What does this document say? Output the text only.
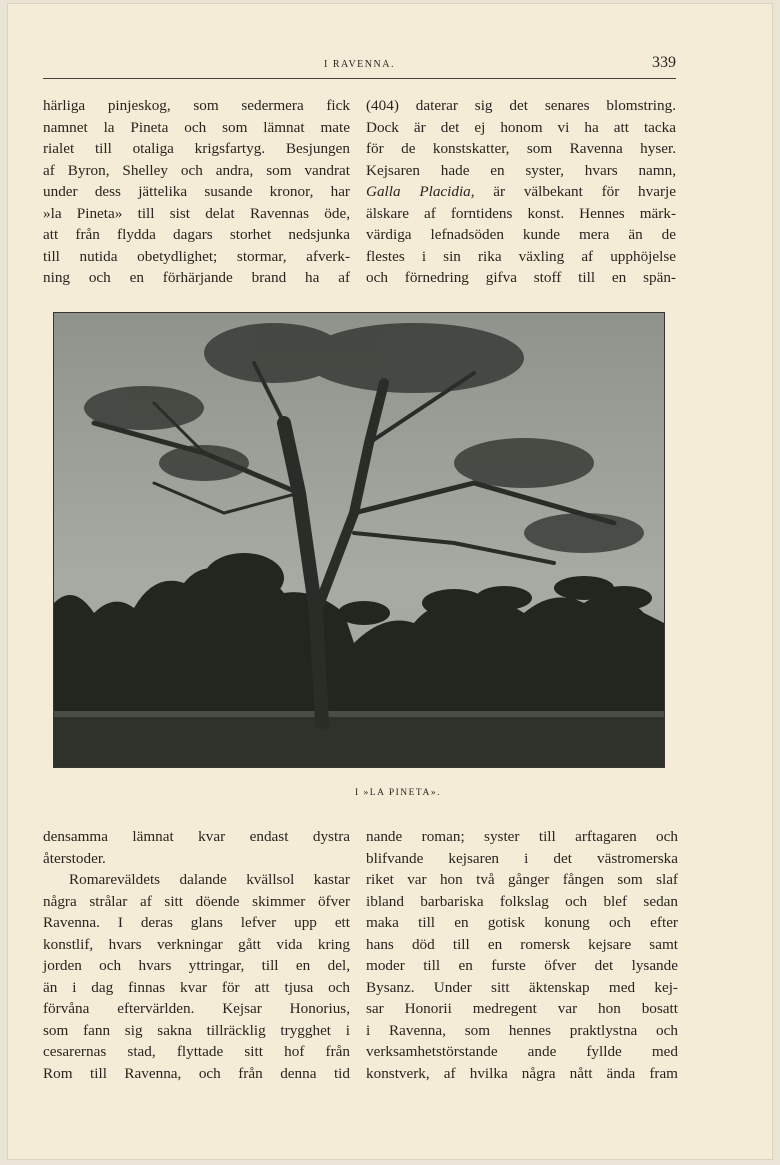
I RAVENNA.	339
härliga pinjeskog, som sedermera fick
namnet la Pineta och som lämnat mate
rialet till otaliga krigsfartyg. Besjungen
af Byron, Shelley och andra, som vandrat
under dess jättelika susande kronor, har
»la Pineta» till sist delat Ravennas öde,
att från flydda dagars storhet nedsjunka
till nutida obetydlighet; stormar, afverk-
ning och en förhärjande brand ha af
(404) daterar sig det senares blomstring.
Dock är det ej honom vi ha att tacka
för de konstskatter, som Ravenna hyser.
Kejsaren hade en syster, hvars namn,
Galla Placidia, är välbekant för hvarje
älskare af forntidens konst. Hennes märk-
värdiga lefnadsöden kunde mera än de
flestes i sin rika växling af upphöjelse
och förnedring gifva stoff till en spän-
I »LA PINETA».
densamma lämnat kvar endast dystra
återstoder.
Romareväldets dalande kvällsol kastar
några strålar af sitt döende skimmer öfver
Ravenna. I deras glans lefver upp ett
konstlif, hvars verkningar gått vida kring
jorden och hvars yttringar, till en del,
än i dag finnas kvar för att tjusa och
förvåna eftervärlden. Kejsar Honorius,
som fann sig sakna tillräcklig trygghet i
cesarernas stad, flyttade sitt hof från
Rom till Ravenna, och från denna tid
nande roman; syster till arftagaren och
blifvande kejsaren i det västromerska
riket var hon två gånger fången som slaf
ibland barbariska folkslag och blef sedan
maka till en gotisk konung och efter
hans död till en romersk kejsare samt
moder till en furste öfver det lysande
Bysanz. Under sitt äktenskap med kej-
sar Honorii medregent var hon bosatt
i Ravenna, som hennes praktlystna och
verksamhetstörstande ande fyllde med
konstverk, af hvilka några nått ända fram
